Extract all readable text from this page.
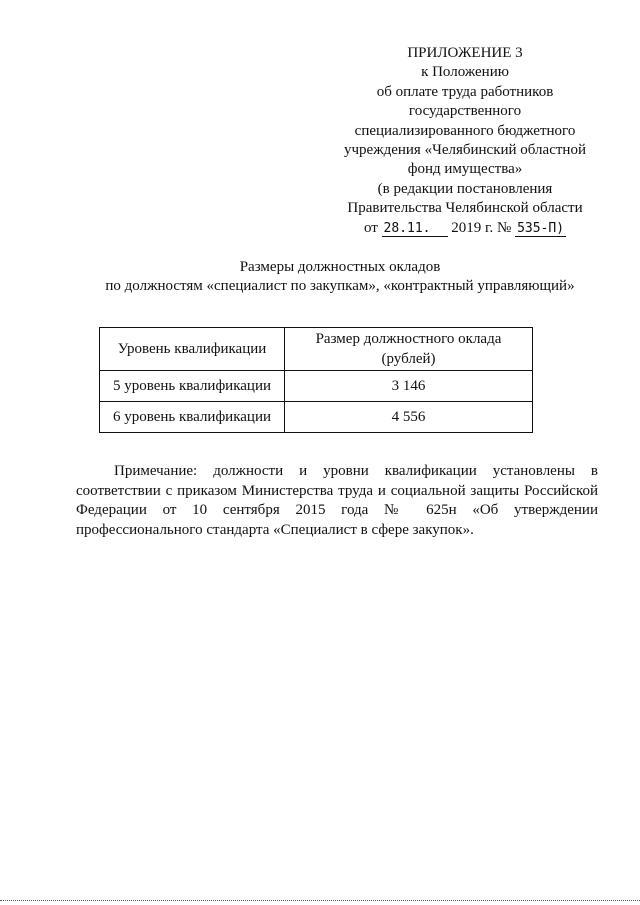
ПРИЛОЖЕНИЕ 3
к Положению
об оплате труда работников
государственного
специализированного бюджетного
учреждения «Челябинский областной
фонд имущества»
(в редакции постановления
Правительства Челябинской области
от 28.11. 2019 г. № 535-П)
Размеры должностных окладов
по должностям «специалист по закупкам», «контрактный управляющий»
Уровень квалификации	Размер должностного оклада (рублей)
5 уровень квалификации	3 146
6 уровень квалификации	4 556
Примечание: должности и уровни квалификации установлены в соответствии с приказом Министерства труда и социальной защиты Российской Федерации от 10 сентября 2015 года № 625н «Об утверждении профессионального стандарта «Специалист в сфере закупок».
